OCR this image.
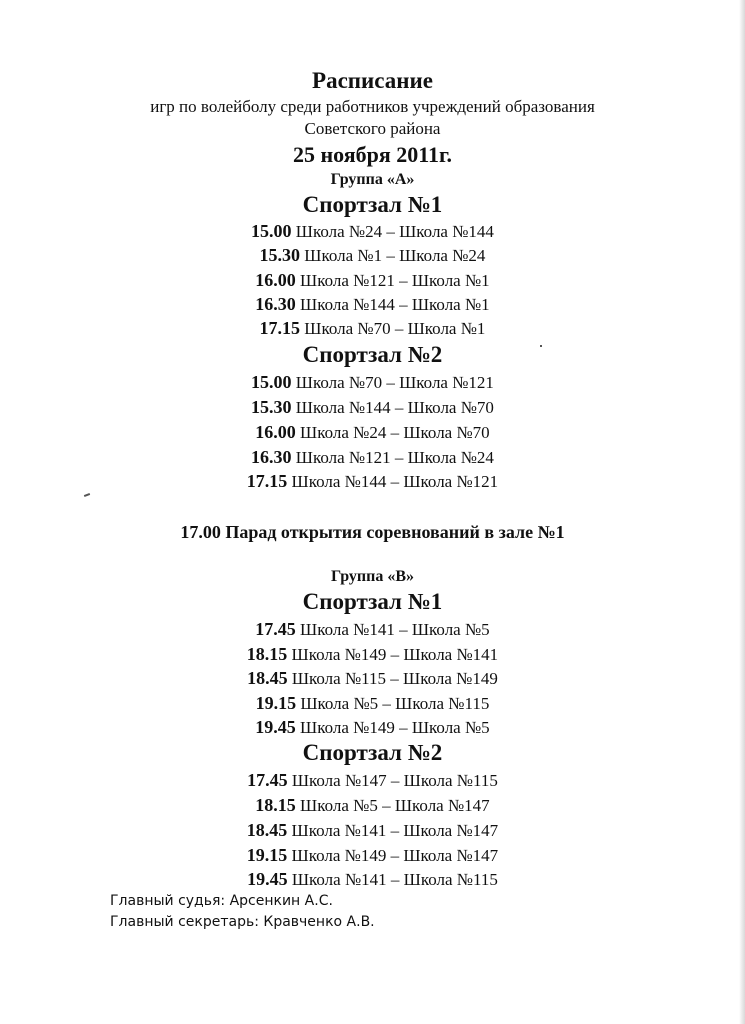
Расписание
игр по волейболу среди работников учреждений образования
Советского района
25 ноября 2011г.
Группа «А»
Спортзал №1
15.00 Школа №24 – Школа №144
15.30 Школа №1 – Школа №24
16.00 Школа №121 – Школа №1
16.30 Школа №144 – Школа №1
17.15 Школа №70 – Школа №1
Спортзал №2
15.00 Школа №70 – Школа №121
15.30 Школа №144 – Школа №70
16.00 Школа №24 – Школа №70
16.30 Школа №121 – Школа №24
17.15 Школа №144 – Школа №121
17.00 Парад открытия соревнований в зале №1
Группа «В»
Спортзал №1
17.45 Школа №141 – Школа №5
18.15 Школа №149 – Школа №141
18.45 Школа №115 – Школа №149
19.15 Школа №5 – Школа №115
19.45 Школа №149 – Школа №5
Спортзал №2
17.45 Школа №147 – Школа №115
18.15 Школа №5 – Школа №147
18.45 Школа №141 – Школа №147
19.15 Школа №149 – Школа №147
19.45 Школа №141 – Школа №115
Главный судья: Арсенкин А.С.
Главный секретарь: Кравченко А.В.
